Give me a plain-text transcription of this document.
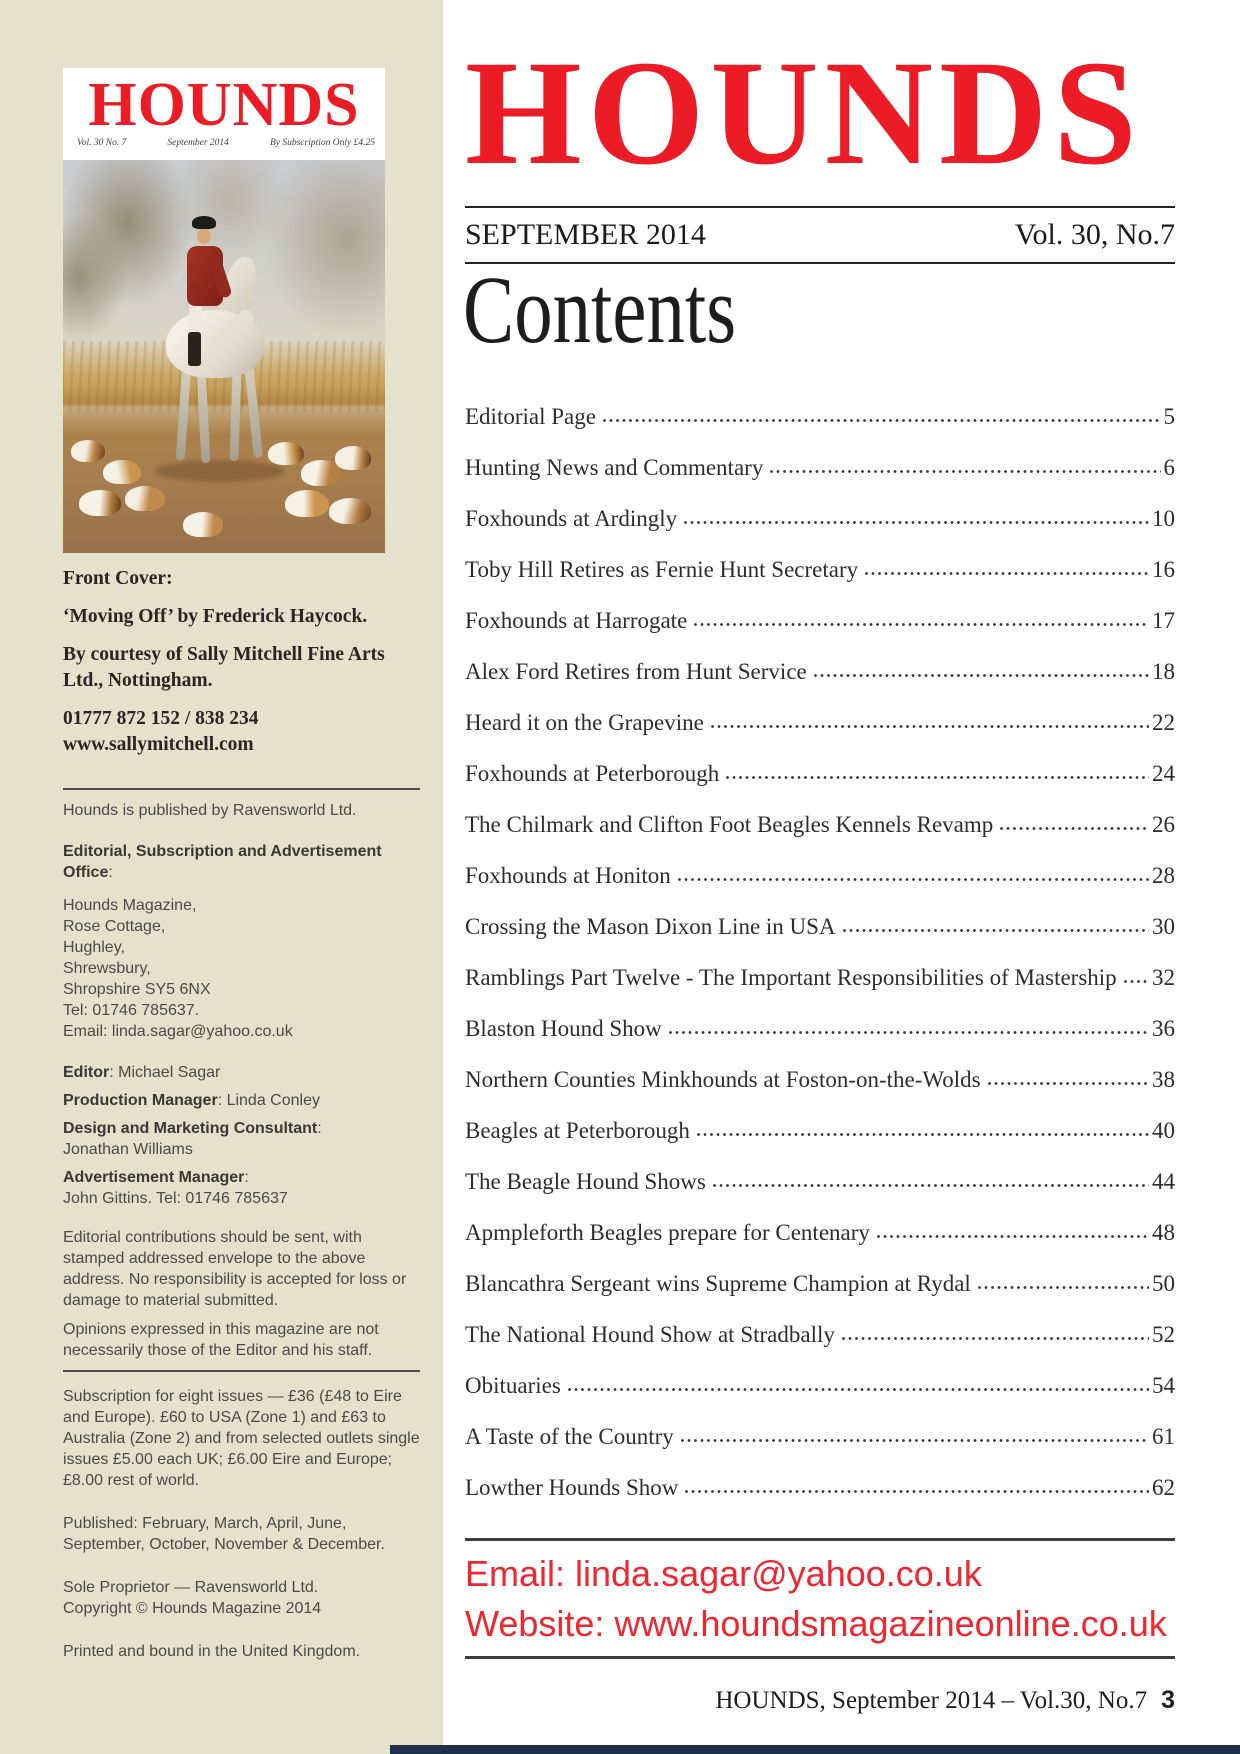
HOUNDS
Vol. 30 No. 7	September 2014	By Subscription Only £4.25

Front Cover:

‘Moving Off’ by Frederick Haycock.

By courtesy of Sally Mitchell Fine Arts Ltd., Nottingham.

01777 872 152 / 838 234
www.sallymitchell.com
Hounds is published by Ravensworld Ltd.
Editorial, Subscription and Advertisement Office:
Hounds Magazine,
Rose Cottage,
Hughley,
Shrewsbury,
Shropshire SY5 6NX
Tel: 01746 785637.
Email: linda.sagar@yahoo.co.uk

Editor: Michael Sagar

Production Manager: Linda Conley

Design and Marketing Consultant:
Jonathan Williams

Advertisement Manager:
John Gittins. Tel: 01746 785637

Editorial contributions should be sent, with stamped addressed envelope to the above address. No responsibility is accepted for loss or damage to material submitted.
Opinions expressed in this magazine are not necessarily those of the Editor and his staff.
Subscription for eight issues — £36 (£48 to Eire and Europe). £60 to USA (Zone 1) and £63 to Australia (Zone 2) and from selected outlets single issues £5.00 each UK; £6.00 Eire and Europe; £8.00 rest of world.
Published: February, March, April, June, September, October, November & December.
Sole Proprietor — Ravensworld Ltd.
Copyright © Hounds Magazine 2014
Printed and bound in the United Kingdom.
HOUNDS
SEPTEMBER 2014	Vol. 30, No.7
Contents
Editorial Page	5
Hunting News and Commentary	6
Foxhounds at Ardingly	10
Toby Hill Retires as Fernie Hunt Secretary	16
Foxhounds at Harrogate	17
Alex Ford Retires from Hunt Service	18
Heard it on the Grapevine	22
Foxhounds at Peterborough	24
The Chilmark and Clifton Foot Beagles Kennels Revamp	26
Foxhounds at Honiton	28
Crossing the Mason Dixon Line in USA	30
Ramblings Part Twelve - The Important Responsibilities of Mastership 32
Blaston Hound Show	36
Northern Counties Minkhounds at Foston-on-the-Wolds	38
Beagles at Peterborough	40
The Beagle Hound Shows	44
Apmpleforth Beagles prepare for Centenary	48
Blancathra Sergeant wins Supreme Champion at Rydal	50
The National Hound Show at Stradbally	52
Obituaries	54
A Taste of the Country	61
Lowther Hounds Show	62
Email: linda.sagar@yahoo.co.uk
Website: www.houndsmagazineonline.co.uk
HOUNDS, September 2014 – Vol.30, No.7 3
